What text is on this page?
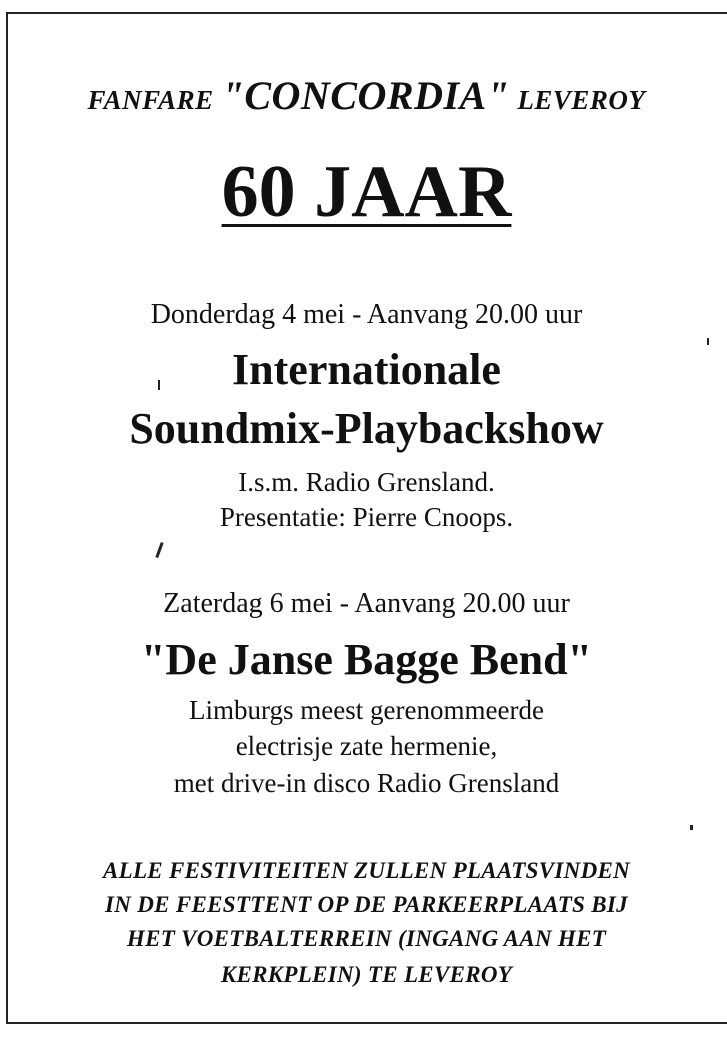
FANFARE "CONCORDIA" LEVEROY
60 JAAR
Donderdag 4 mei - Aanvang 20.00 uur
Internationale
Soundmix-Playbackshow
I.s.m. Radio Grensland.
Presentatie: Pierre Cnoops.
Zaterdag 6 mei - Aanvang 20.00 uur
"De Janse Bagge Bend"
Limburgs meest gerenommeerde
electrisje zate hermenie,
met drive-in disco Radio Grensland
ALLE FESTIVITEITEN ZULLEN PLAATSVINDEN
IN DE FEESTTENT OP DE PARKEERPLAATS BIJ
HET VOETBALTERREIN (INGANG AAN HET
KERKPLEIN) TE LEVEROY
